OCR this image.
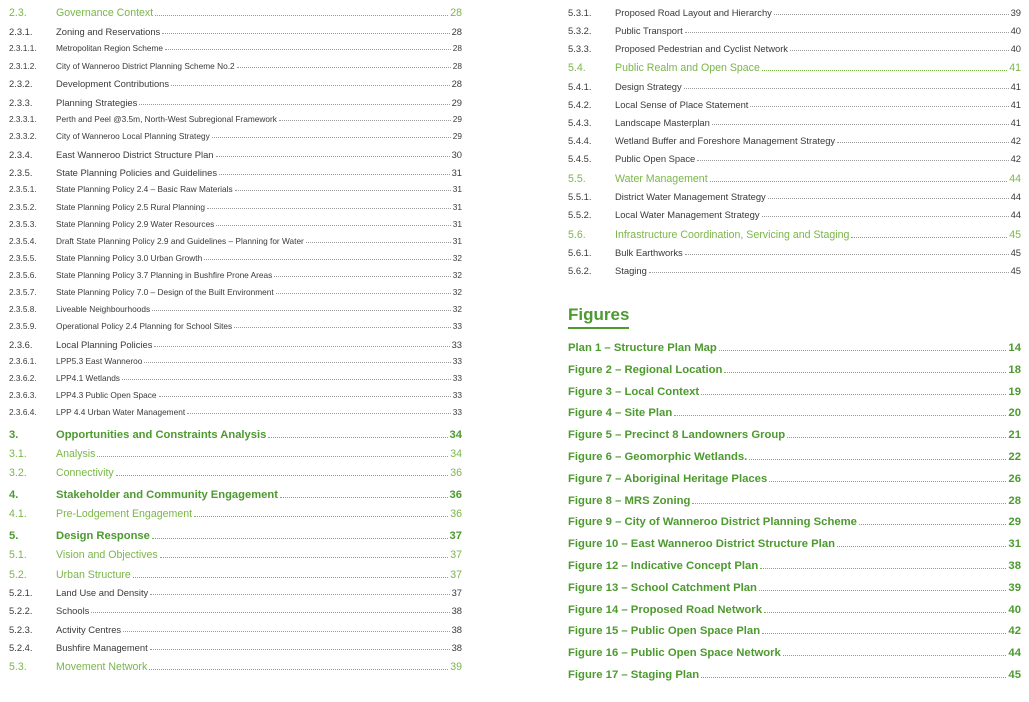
2.3.	Governance Context	28
2.3.1.	Zoning and Reservations	28
2.3.1.1.	Metropolitan Region Scheme	28
2.3.1.2.	City of Wanneroo District Planning Scheme No.2	28
2.3.2.	Development Contributions	28
2.3.3.	Planning Strategies	29
2.3.3.1.	Perth and Peel @3.5m, North-West Subregional Framework	29
2.3.3.2.	City of Wanneroo Local Planning Strategy	29
2.3.4.	East Wanneroo District Structure Plan	30
2.3.5.	State Planning Policies and Guidelines	31
2.3.5.1.	State Planning Policy 2.4 – Basic Raw Materials	31
2.3.5.2.	State Planning Policy 2.5 Rural Planning	31
2.3.5.3.	State Planning Policy 2.9 Water Resources	31
2.3.5.4.	Draft State Planning Policy 2.9 and Guidelines – Planning for Water	31
2.3.5.5.	State Planning Policy 3.0 Urban Growth	32
2.3.5.6.	State Planning Policy 3.7 Planning in Bushfire Prone Areas	32
2.3.5.7.	State Planning Policy 7.0 – Design of the Built Environment	32
2.3.5.8.	Liveable Neighbourhoods	32
2.3.5.9.	Operational Policy 2.4 Planning for School Sites	33
2.3.6.	Local Planning Policies	33
2.3.6.1.	LPP5.3 East Wanneroo	33
2.3.6.2.	LPP4.1 Wetlands	33
2.3.6.3.	LPP4.3 Public Open Space	33
2.3.6.4.	LPP 4.4 Urban Water Management	33
3.	Opportunities and Constraints Analysis	34
3.1.	Analysis	34
3.2.	Connectivity	36
4.	Stakeholder and Community Engagement	36
4.1.	Pre-Lodgement Engagement	36
5.	Design Response	37
5.1.	Vision and Objectives	37
5.2.	Urban Structure	37
5.2.1.	Land Use and Density	37
5.2.2.	Schools	38
5.2.3.	Activity Centres	38
5.2.4.	Bushfire Management	38
5.3.	Movement Network	39
5.3.1.	Proposed Road Layout and Hierarchy	39
5.3.2.	Public Transport	40
5.3.3.	Proposed Pedestrian and Cyclist Network	40
5.4.	Public Realm and Open Space	41
5.4.1.	Design Strategy	41
5.4.2.	Local Sense of Place Statement	41
5.4.3.	Landscape Masterplan	41
5.4.4.	Wetland Buffer and Foreshore Management Strategy	42
5.4.5.	Public Open Space	42
5.5.	Water Management	44
5.5.1.	District Water Management Strategy	44
5.5.2.	Local Water Management Strategy	44
5.6.	Infrastructure Coordination, Servicing and Staging	45
5.6.1.	Bulk Earthworks	45
5.6.2.	Staging	45
Figures
Plan 1 – Structure Plan Map	14
Figure 2 – Regional Location	18
Figure 3 – Local Context	19
Figure 4 – Site Plan	20
Figure 5 – Precinct 8 Landowners Group	21
Figure 6 – Geomorphic Wetlands.	22
Figure 7 – Aboriginal Heritage Places	26
Figure 8 – MRS Zoning	28
Figure 9 – City of Wanneroo District Planning Scheme	29
Figure 10 – East Wanneroo District Structure Plan	31
Figure 12 – Indicative Concept Plan	38
Figure 13 – School Catchment Plan	39
Figure 14 – Proposed Road Network	40
Figure 15 – Public Open Space Plan	42
Figure 16 – Public Open Space Network	44
Figure 17 – Staging Plan	45
